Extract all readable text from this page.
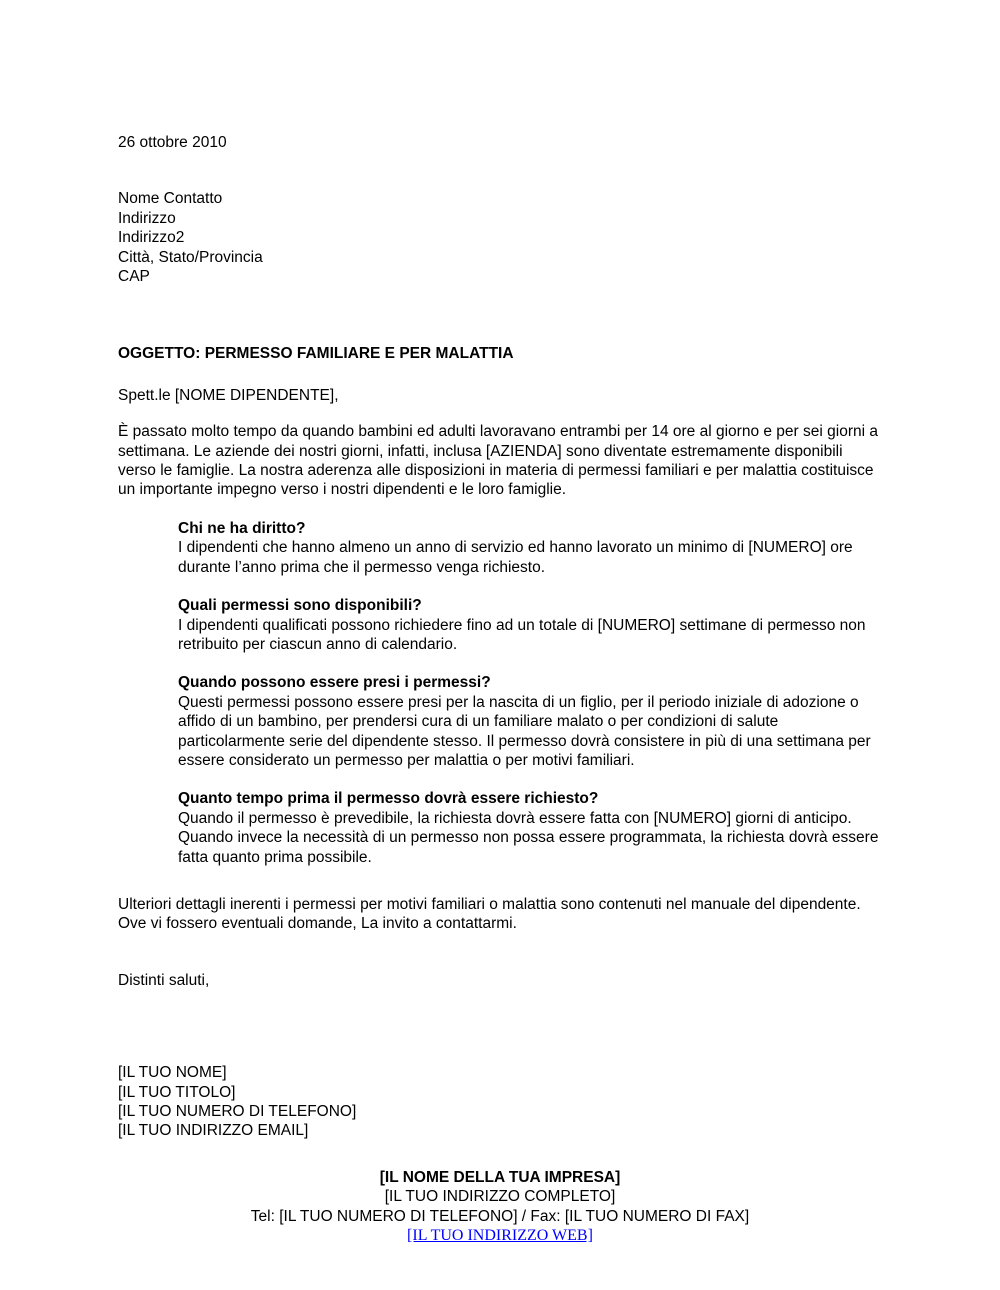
26 ottobre 2010

Nome Contatto

Indirizzo

Indirizzo2

Città, Stato/Provincia

CAP

OGGETTO: PERMESSO FAMILIARE E PER MALATTIA

Spett.le [NOME DIPENDENTE],

È passato molto tempo da quando bambini ed adulti lavoravano entrambi per 14 ore al giorno e per sei giorni a settimana. Le aziende dei nostri giorni, infatti, inclusa [AZIENDA] sono diventate estremamente disponibili verso le famiglie. La nostra aderenza alle disposizioni in materia di permessi familiari e per malattia costituisce un importante impegno verso i nostri dipendenti e le loro famiglie.

Chi ne ha diritto?

I dipendenti che hanno almeno un anno di servizio ed hanno lavorato un minimo di [NUMERO] ore durante l’anno prima che il permesso venga richiesto.

Quali permessi sono disponibili?

I dipendenti qualificati possono richiedere fino ad un totale di [NUMERO] settimane di permesso non retribuito per ciascun anno di calendario.

Quando possono essere presi i permessi?

Questi permessi possono essere presi per la nascita di un figlio, per il periodo iniziale di adozione o affido di un bambino, per prendersi cura di un familiare malato o per condizioni di salute particolarmente serie del dipendente stesso. Il permesso dovrà consistere in più di una settimana per essere considerato un permesso per malattia o per motivi familiari.

Quanto tempo prima il permesso dovrà essere richiesto?

Quando il permesso è prevedibile, la richiesta dovrà essere fatta con [NUMERO] giorni di anticipo. Quando invece la necessità di un permesso non possa essere programmata, la richiesta dovrà essere fatta quanto prima possibile.

Ulteriori dettagli inerenti i permessi per motivi familiari o malattia sono contenuti nel manuale del dipendente. Ove vi fossero eventuali domande, La invito a contattarmi.

Distinti saluti,

[IL TUO NOME]

[IL TUO TITOLO]

[IL TUO NUMERO DI TELEFONO]

[IL TUO INDIRIZZO EMAIL]

[IL NOME DELLA TUA IMPRESA]

[IL TUO INDIRIZZO COMPLETO]

Tel: [IL TUO NUMERO DI TELEFONO] / Fax: [IL TUO NUMERO DI FAX]

[IL TUO INDIRIZZO WEB]
